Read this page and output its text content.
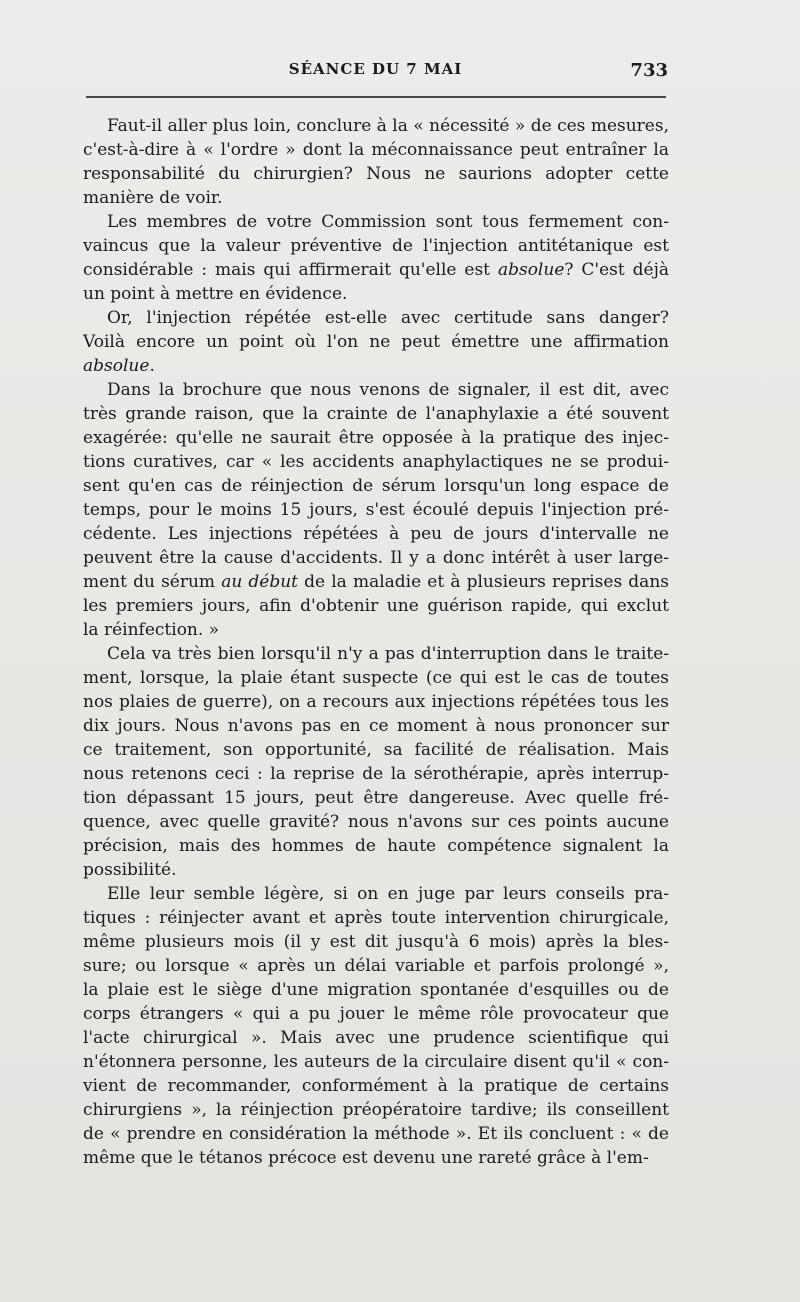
SÉANCE DU 7 MAI	733
Faut-il aller plus loin, conclure à la « nécessité » de ces mesures,
c'est-à-dire à « l'ordre » dont la méconnaissance peut entraîner la
responsabilité du chirurgien? Nous ne saurions adopter cette
manière de voir.
Les membres de votre Commission sont tous fermement con-
vaincus que la valeur préventive de l'injection antitétanique est
considérable : mais qui affirmerait qu'elle est absolue? C'est déjà
un point à mettre en évidence.
Or, l'injection répétée est-elle avec certitude sans danger?
Voilà encore un point où l'on ne peut émettre une affirmation
absolue.
Dans la brochure que nous venons de signaler, il est dit, avec
très grande raison, que la crainte de l'anaphylaxie a été souvent
exagérée: qu'elle ne saurait être opposée à la pratique des injec-
tions curatives, car « les accidents anaphylactiques ne se produi-
sent qu'en cas de réinjection de sérum lorsqu'un long espace de
temps, pour le moins 15 jours, s'est écoulé depuis l'injection pré-
cédente. Les injections répétées à peu de jours d'intervalle ne
peuvent être la cause d'accidents. Il y a donc intérêt à user large-
ment du sérum au début de la maladie et à plusieurs reprises dans
les premiers jours, afin d'obtenir une guérison rapide, qui exclut
la réinfection. »
Cela va très bien lorsqu'il n'y a pas d'interruption dans le traite-
ment, lorsque, la plaie étant suspecte (ce qui est le cas de toutes
nos plaies de guerre), on a recours aux injections répétées tous les
dix jours. Nous n'avons pas en ce moment à nous prononcer sur
ce traitement, son opportunité, sa facilité de réalisation. Mais
nous retenons ceci : la reprise de la sérothérapie, après interrup-
tion dépassant 15 jours, peut être dangereuse. Avec quelle fré-
quence, avec quelle gravité? nous n'avons sur ces points aucune
précision, mais des hommes de haute compétence signalent la
possibilité.
Elle leur semble légère, si on en juge par leurs conseils pra-
tiques : réinjecter avant et après toute intervention chirurgicale,
même plusieurs mois (il y est dit jusqu'à 6 mois) après la bles-
sure; ou lorsque « après un délai variable et parfois prolongé »,
la plaie est le siège d'une migration spontanée d'esquilles ou de
corps étrangers « qui a pu jouer le même rôle provocateur que
l'acte chirurgical ». Mais avec une prudence scientifique qui
n'étonnera personne, les auteurs de la circulaire disent qu'il « con-
vient de recommander, conformément à la pratique de certains
chirurgiens », la réinjection préopératoire tardive; ils conseillent
de « prendre en considération la méthode ». Et ils concluent : « de
même que le tétanos précoce est devenu une rareté grâce à l'em-
